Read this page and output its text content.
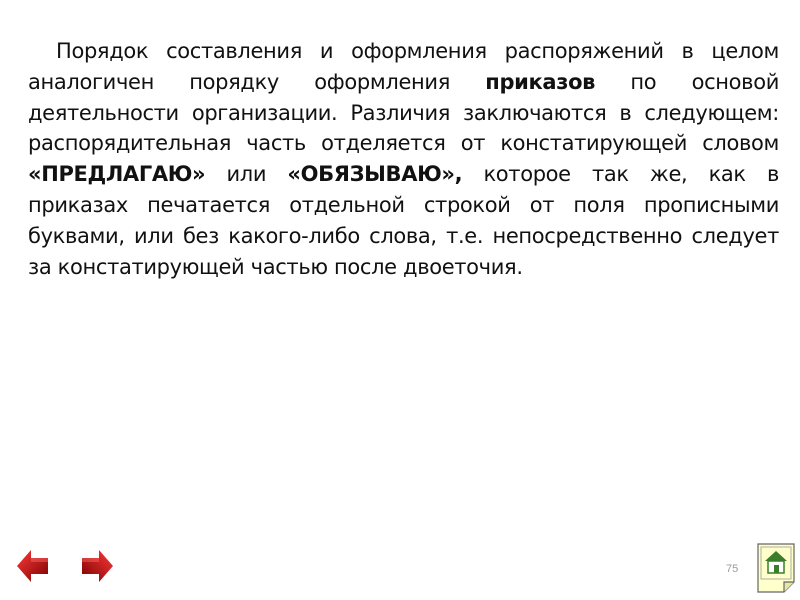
Порядок составления и оформления распоряжений в целом аналогичен порядку оформления приказов по основой деятельности организации. Различия заключаются в следующем: распорядительная часть отделяется от констатирующей словом «ПРЕДЛАГАЮ» или «ОБЯЗЫВАЮ», которое так же, как в приказах печатается отдельной строкой от поля прописными буквами, или без какого-либо слова, т.е. непосредственно следует за констатирующей частью после двоеточия.

75
